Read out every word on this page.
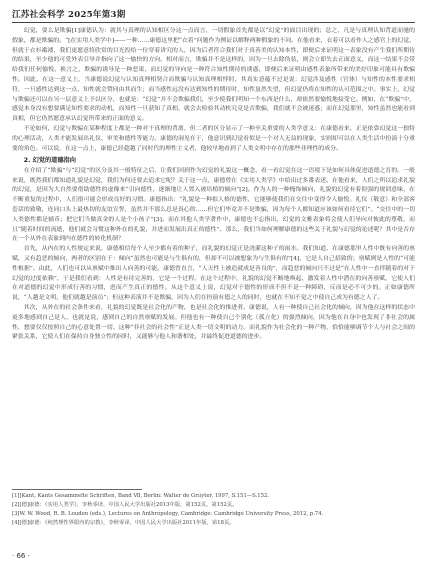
江苏社会科学 2025年第3期

幻觉，要么是欺骗[1]康德认为：就其与真理的认知相区分这一点而言，一切假象首先都是以“幻觉”的面目出现的；总之，凡是与真理认知背道而驰的假象，都是欺骗的。“[在实用人类学中]——一种……康德这里把“衣着”问题作为例证以解释两种假象的不同。在他看来，衣着可以看作人之感官上的幻觉，但就于衣衫褴褛，我们更愿意将欣赏的目光投给一位穿着讲究的人，因为后者符合我们对于真善美的认知本性，即便后来证明这一表象没有产生我们所期待的结果，至少他的可爱外表引导并指向了这一愉快的方向。相对而言，欺骗并不是这样的，因为一旦去除伪装，则会立即失去正面意义，而这一结果不会带给我们任何愉悦。换言之，欺骗的诱导是一种恶果，而幻觉的导向是一种符合知性期待的诱惑，即便后来证明由感性表象所带来的美好印象可能具有欺骗性。因此，在这一意义上，当康德说幻觉与认知真理相契合而欺骗与认知真理相悖时，其真实意蕴不过是说：幻觉涉及感性（官体）与知性的本性要求相符，一旦感性达到这一点，知性就会赞同由其而生；而当感性远没有达到知性的期待时，知性虽然失望，但幻觉仍将在知性的认可范围之中。事实上，幻觉与欺骗还可以在另一层意义上予以区分，也就是：“幻觉”并不会欺骗我们，至少使我们明知一个东西是什么，却依然要愉悦地接受它。例如，在“欺骗”中，感觉本身没有想要满足知性要求的动机，而知性一旦获知了真相，就会去检验其动机究竟是否欺骗，我们就不会被迷惑；而在幻觉那里，知性虽然也能看到真相，但它仍然愿意承认幻觉所带来的正面的意义。

不论如何，幻觉与欺骗在某种程度上都是一种对于真理的背离，但二者的区分显示了一种至关重要的人类学意义：在康德看来，正是依靠幻觉这一独特的心理活动，人类才能发展出礼仪、审美和德性等能力。康德的洞见在于，他意识到幻觉看似是一个对人无益的现象，实则却可以在人类生活中扮演十分重要的角色。可以说，在这一点上，康德已经超越了同时代的理性主义者，他较早地看到了人类文明中存在的那些非理性的成分。

2. 幻觉的道德指向

在介绍了“欺骗”与“幻觉”的区分及其一般特征之后，让我们回到作为幻觉的礼貌这一概念，看一看幻觉在这一语境下是如何具体促进道德之育的。一般来说，既然我们都知道礼貌是幻觉，我们为何还要去追求它呢？关于这一点，康德曾在《实用人类学》中给出过多番表述。在他看来，人们之所以追求礼貌的幻觉，是因为大自然要借助德性的虚像来“引向德性，逐渐地让人置入被培植的倾向”[2]。作为人的一种掩饰倾向，礼貌的幻觉有着很强的规训意味，在不断重复的过程中，人们很可能会形成良好的习惯。康德指出：“礼貌是一种拟人格的德性，它能够使我们在交往中变得令人愉悦。礼仪（敬意）和全部客套话的致敬，连同口头上最热切的友谊宣誓，虽然并不那么总是真心的……但它们毕竟并不是欺骗，因为每个人都知道应该如何看待它们”。“交往中的一切人类德性都是辅币；把它们当做真金的人是个小孩子”[3]。而在其他人类学著作中，康德也不忘指出，幻觉的文雅表象将会使人们导向对彼此的尊敬，而且“随着时间的流逝，他们就会习惯这种外在的礼貌，并进而发展出真正的德性”。那么，我们当如何理解康德的这些关于礼貌与幻觉的论述呢？其中是否存在一个从外在表象到内在德性的转化机制？

首先，从内在的人性规定来说，康德相信每个人至少都有着的种子，而礼貌的幻觉正是浇灌这种子的雨水。我们知道，在康德那里人性中既有向善的禀赋，又有趋恶的倾向，两者的区别在于：倾向“虽然也可能是与生俱有的，但却不可以被想象为与生俱有的”[4]，它是人自己招致的；禀赋则是人性的“可能性根据”。由此，人们也可以从禀赋中推出人向善的可能。康德曾直言，“人天性上被造就成是善良的”，而趋恶的倾向只不过是“在人性中一直伴随着的对于幻觉的过度依赖”，于是我们看到：人性是有待完善的，它是一个过程。在这个过程中，礼貌的幻觉不断地唤起、激发着人性中潜在的向善禀赋，它使人们在对道德的幻觉中形成行善的习惯，进而产生真正的德性。从这个意义上说，幻觉对于德性的形成不但不是一种障碍，反而是必不可少的。正如康德所说，“人越是文明，他们就越是演员”；但这种表演并不是欺骗，因为人们在扮演有德之人的同时，也就在不知不觉之中使自己成为有德之人了。

其次，从外在的社会条件来看，礼貌的幻觉既是社会化的产物，也是社会化的推进者。康德说，人有一种使自己社会化的倾向，因为他在这样的状态中更多地感到自己是人，也就是说，感到自己的自然禀赋的发展。但他也有一种使自己个别化（孤立化）的强烈倾向，因为他在自身中也发现了非社会的属性，想要仅仅按照自己的心意处置一切。这种“非社会的社会性”正是人类一切文明的动力。而礼貌作为社会化的一种产物，恰恰能够调节个人与社会之间的紧张关系，它使人们在保持自身独立性的同时，又能够与他人和谐相处，并最终促进道德的进步。

[1][Kant, Kants Gesammelte Schriften, Band Ⅶ, Berlin: Walter de Gruyter, 1997, S.151—S.152.

[2][德]康德：《实用人类学》，李秋零译，中国人民大学出版社2013年版，第152页，第152页。

[3]W. W. Wood, R. B. Louden (eds.), Lectures on Anthropology, Cambridge: Cambridge University Press, 2012, p.74.

[4][德]康德：《纯然理性界限内的宗教》，李秋零译，中国人民大学出版社2011年版，第18页。

· 66 ·
